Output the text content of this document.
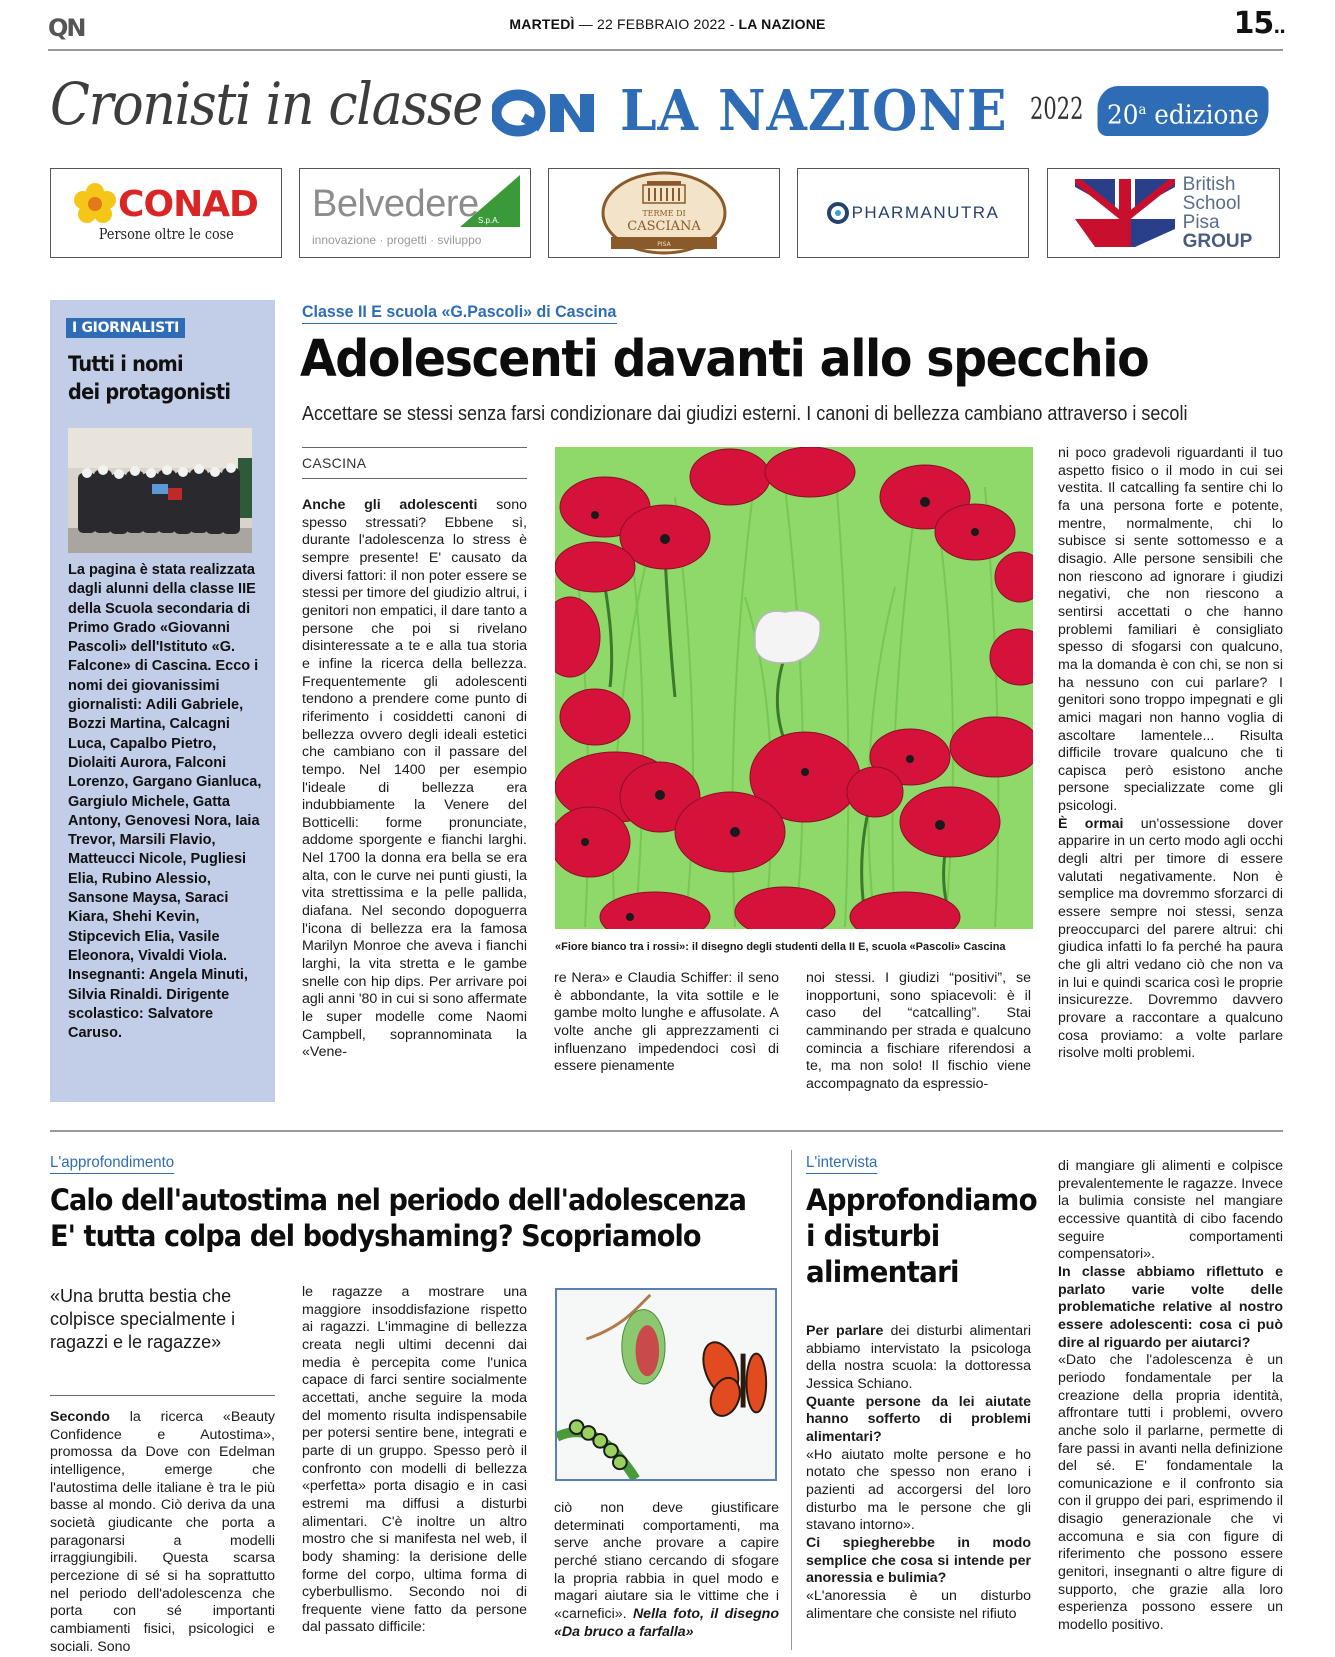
QN	MARTEDÌ — 22 FEBBRAIO 2022 - LA NAZIONE	15..
Cronisti in classe LA NAZIONE 2022 20$^a$ edizione
CONAD
Persone oltre le cose
S.p.A.
Belvedere
innovazione · progetti · sviluppo
TERME DI
CASCIANA
PISA
PHARMANUTRA
British
School
Pisa
GROUP
I GIORNALISTI
Tutti i nomi
dei protagonisti
La pagina è stata realizzata dagli alunni della classe IIE della Scuola secondaria di Primo Grado «Giovanni Pascoli» dell'Istituto «G. Falcone» di Cascina. Ecco i nomi dei giovanissimi giornalisti: Adili Gabriele, Bozzi Martina, Calcagni Luca, Capalbo Pietro, Diolaiti Aurora, Falconi Lorenzo, Gargano Gianluca, Gargiulo Michele, Gatta Antony, Genovesi Nora, Iaia Trevor, Marsili Flavio, Matteucci Nicole, Pugliesi Elia, Rubino Alessio, Sansone Maysa, Saraci Kiara, Shehi Kevin, Stipcevich Elia, Vasile Eleonora, Vivaldi Viola. Insegnanti: Angela Minuti, Silvia Rinaldi. Dirigente scolastico: Salvatore Caruso.
Classe II E scuola «G.Pascoli» di Cascina
Adolescenti davanti allo specchio
Accettare se stessi senza farsi condizionare dai giudizi esterni. I canoni di bellezza cambiano attraverso i secoli
CASCINA
Anche gli adolescenti sono spesso stressati? Ebbene sì, durante l'adolescenza lo stress è sempre presente! E' causato da diversi fattori: il non poter essere se stessi per timore del giudizio altrui, i genitori non empatici, il dare tanto a persone che poi si rivelano disinteressate a te e alla tua storia e infine la ricerca della bellezza. Frequentemente gli adolescenti tendono a prendere come punto di riferimento i cosiddetti canoni di bellezza ovvero degli ideali estetici che cambiano con il passare del tempo. Nel 1400 per esempio l'ideale di bellezza era indubbiamente la Venere del Botticelli: forme pronunciate, addome sporgente e fianchi larghi. Nel 1700 la donna era bella se era alta, con le curve nei punti giusti, la vita strettissima e la pelle pallida, diafana. Nel secondo dopoguerra l'icona di bellezza era la famosa Marilyn Monroe che aveva i fianchi larghi, la vita stretta e le gambe snelle con hip dips. Per arrivare poi agli anni '80 in cui si sono affermate le super modelle come Naomi Campbell, soprannominata la «Vene-
«Fiore bianco tra i rossi»: il disegno degli studenti della II E, scuola «Pascoli» Cascina
re Nera» e Claudia Schiffer: il seno è abbondante, la vita sottile e le gambe molto lunghe e affusolate. A volte anche gli apprezzamenti ci influenzano impedendoci così di essere pienamente
noi stessi. I giudizi “positivi”, se inopportuni, sono spiacevoli: è il caso del “catcalling”. Stai camminando per strada e qualcuno comincia a fischiare riferendosi a te, ma non solo! Il fischio viene accompagnato da espressio-
ni poco gradevoli riguardanti il tuo aspetto fisico o il modo in cui sei vestita. Il catcalling fa sentire chi lo fa una persona forte e potente, mentre, normalmente, chi lo subisce si sente sottomesso e a disagio. Alle persone sensibili che non riescono ad ignorare i giudizi negativi, che non riescono a sentirsi accettati o che hanno problemi familiari è consigliato spesso di sfogarsi con qualcuno, ma la domanda è con chi, se non si ha nessuno con cui parlare? I genitori sono troppo impegnati e gli amici magari non hanno voglia di ascoltare lamentele... Risulta difficile trovare qualcuno che ti capisca però esistono anche persone specializzate come gli psicologi.
È ormai un'ossessione dover apparire in un certo modo agli occhi degli altri per timore di essere valutati negativamente. Non è semplice ma dovremmo sforzarci di essere sempre noi stessi, senza preoccuparci del parere altrui: chi giudica infatti lo fa perché ha paura che gli altri vedano ciò che non va in lui e quindi scarica così le proprie insicurezze. Dovremmo davvero provare a raccontare a qualcuno cosa proviamo: a volte parlare risolve molti problemi.
L'approfondimento
Calo dell'autostima nel periodo dell'adolescenza
E' tutta colpa del bodyshaming? Scopriamolo
«Una brutta bestia che colpisce specialmente i ragazzi e le ragazze»
Secondo la ricerca «Beauty Confidence e Autostima», promossa da Dove con Edelman intelligence, emerge che l'autostima delle italiane è tra le più basse al mondo. Ciò deriva da una società giudicante che porta a paragonarsi a modelli irraggiungibili. Questa scarsa percezione di sé si ha soprattutto nel periodo dell'adolescenza che porta con sé importanti cambiamenti fisici, psicologici e sociali. Sono
le ragazze a mostrare una maggiore insoddisfazione rispetto ai ragazzi. L'immagine di bellezza creata negli ultimi decenni dai media è percepita come l'unica capace di farci sentire socialmente accettati, anche seguire la moda del momento risulta indispensabile per potersi sentire bene, integrati e parte di un gruppo. Spesso però il confronto con modelli di bellezza «perfetta» porta disagio e in casi estremi ma diffusi a disturbi alimentari. C'è inoltre un altro mostro che si manifesta nel web, il body shaming: la derisione delle forme del corpo, ultima forma di cyberbullismo. Secondo noi di frequente viene fatto da persone dal passato difficile:
ciò non deve giustificare determinati comportamenti, ma serve anche provare a capire perché stiano cercando di sfogare la propria rabbia in quel modo e magari aiutare sia le vittime che i «carnefici». Nella foto, il disegno «Da bruco a farfalla»
L'intervista
Approfondiamo i disturbi alimentari
Per parlare dei disturbi alimentari abbiamo intervistato la psicologa della nostra scuola: la dottoressa Jessica Schiano.
Quante persone da lei aiutate hanno sofferto di problemi alimentari?
«Ho aiutato molte persone e ho notato che spesso non erano i pazienti ad accorgersi del loro disturbo ma le persone che gli stavano intorno».
Ci spiegherebbe in modo semplice che cosa si intende per anoressia e bulimia?
«L'anoressia è un disturbo alimentare che consiste nel rifiuto
di mangiare gli alimenti e colpisce prevalentemente le ragazze. Invece la bulimia consiste nel mangiare eccessive quantità di cibo facendo seguire comportamenti compensatori».
In classe abbiamo riflettuto e parlato varie volte delle problematiche relative al nostro essere adolescenti: cosa ci può dire al riguardo per aiutarci?
«Dato che l'adolescenza è un periodo fondamentale per la creazione della propria identità, affrontare tutti i problemi, ovvero anche solo il parlarne, permette di fare passi in avanti nella definizione del sé. E' fondamentale la comunicazione e il confronto sia con il gruppo dei pari, esprimendo il disagio generazionale che vi accomuna e sia con figure di riferimento che possono essere genitori, insegnanti o altre figure di supporto, che grazie alla loro esperienza possono essere un modello positivo.
